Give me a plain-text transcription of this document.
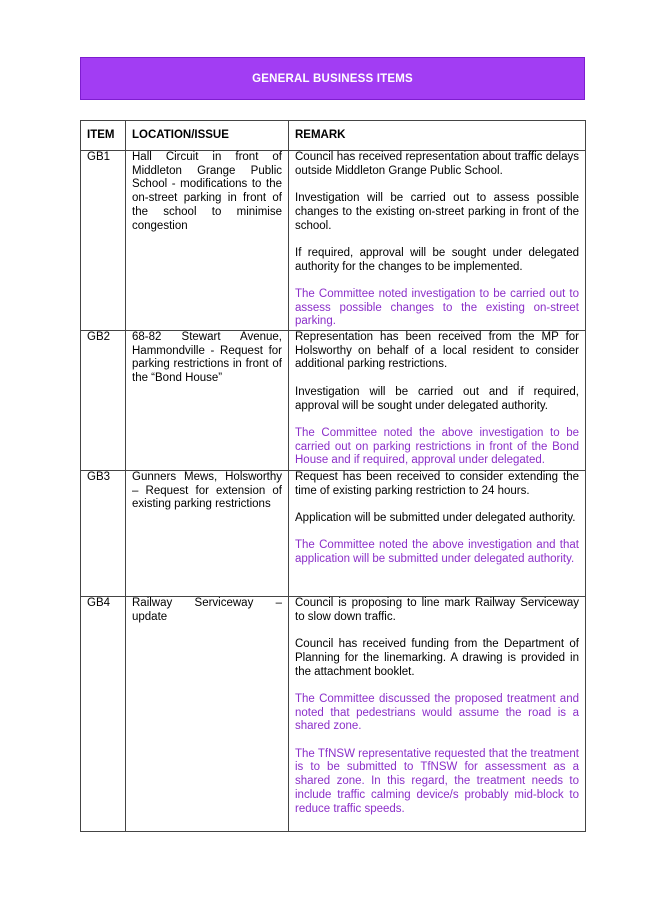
GENERAL BUSINESS ITEMS
ITEM	LOCATION/ISSUE	REMARK
GB1	Hall Circuit in front of Middleton Grange Public School - modifications to the on-street parking in front of the school to minimise congestion	Council has received representation about traffic delays outside Middleton Grange Public School.

Investigation will be carried out to assess possible changes to the existing on-street parking in front of the school.

If required, approval will be sought under delegated authority for the changes to be implemented.

The Committee noted investigation to be carried out to assess possible changes to the existing on-street parking.

GB2	68-82 Stewart Avenue, Hammondville - Request for parking restrictions in front of the “Bond House”	Representation has been received from the MP for Holsworthy on behalf of a local resident to consider additional parking restrictions.

Investigation will be carried out and if required, approval will be sought under delegated authority.

The Committee noted the above investigation to be carried out on parking restrictions in front of the Bond House and if required, approval under delegated.

GB3	Gunners Mews, Holsworthy – Request for extension of existing parking restrictions	Request has been received to consider extending the time of existing parking restriction to 24 hours.

Application will be submitted under delegated authority.

The Committee noted the above investigation and that application will be submitted under delegated authority.

GB4	Railway Serviceway – update	Council is proposing to line mark Railway Serviceway to slow down traffic.

Council has received funding from the Department of Planning for the linemarking. A drawing is provided in the attachment booklet.

The Committee discussed the proposed treatment and noted that pedestrians would assume the road is a shared zone.

The TfNSW representative requested that the treatment is to be submitted to TfNSW for assessment as a shared zone. In this regard, the treatment needs to include traffic calming device/s probably mid-block to reduce traffic speeds.
